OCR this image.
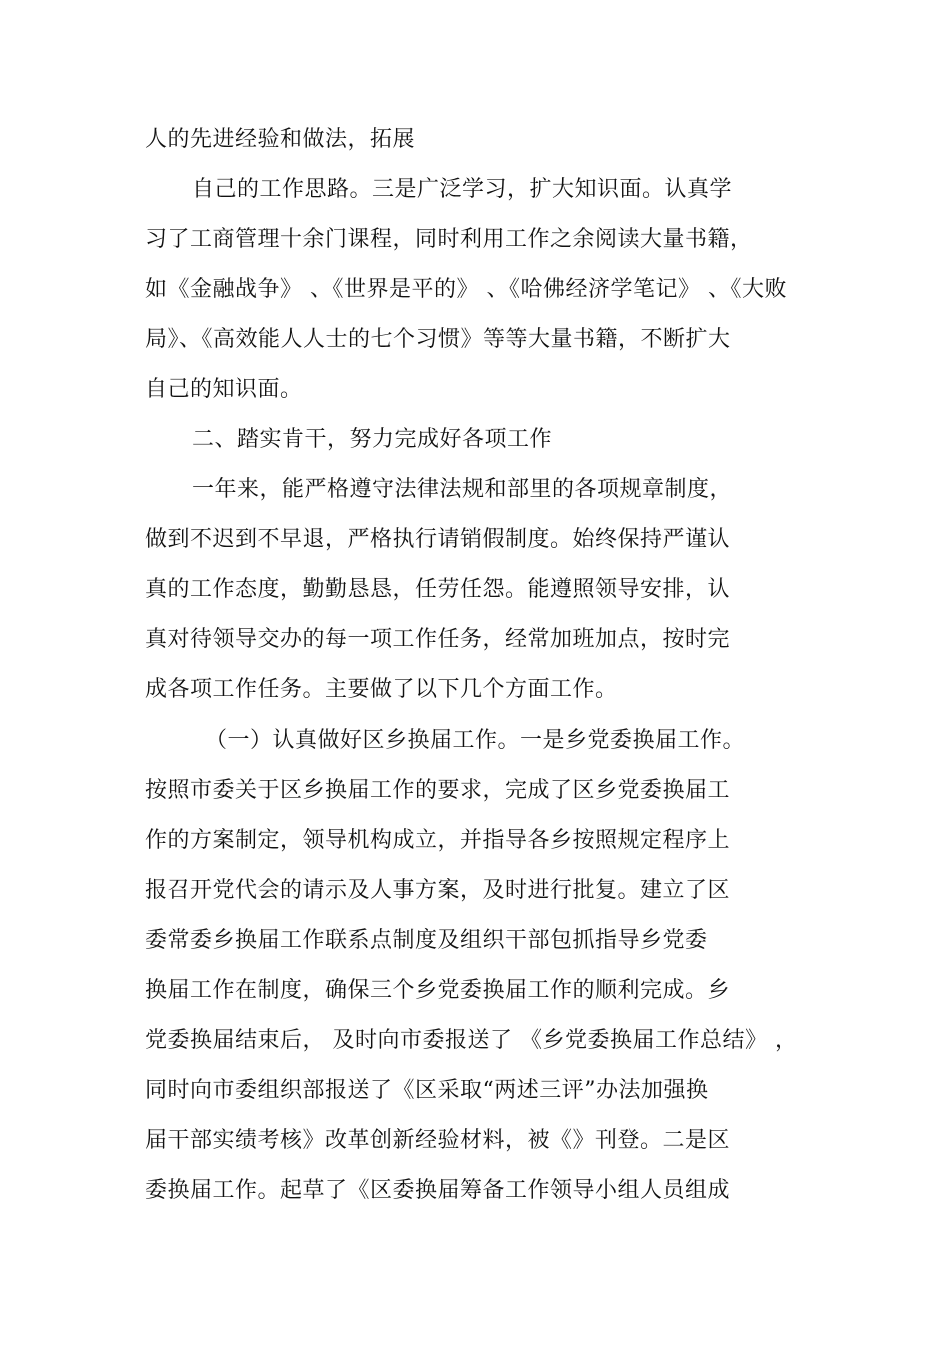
人的先进经验和做法，拓展
自己的工作思路。三是广泛学习，扩大知识面。认真学
习了工商管理十余门课程，同时利用工作之余阅读大量书籍，
如《金融战争》 、《世界是平的》 、《哈佛经济学笔记》 、《大败
局》、《高效能人人士的七个习惯》等等大量书籍，不断扩大
自己的知识面。
二、踏实肯干，努力完成好各项工作
一年来，能严格遵守法律法规和部里的各项规章制度，
做到不迟到不早退，严格执行请销假制度。始终保持严谨认
真的工作态度，勤勤恳恳，任劳任怨。能遵照领导安排，认
真对待领导交办的每一项工作任务，经常加班加点，按时完
成各项工作任务。主要做了以下几个方面工作。
（一）认真做好区乡换届工作。一是乡党委换届工作。
按照市委关于区乡换届工作的要求，完成了区乡党委换届工
作的方案制定，领导机构成立，并指导各乡按照规定程序上
报召开党代会的请示及人事方案，及时进行批复。建立了区
委常委乡换届工作联系点制度及组织干部包抓指导乡党委
换届工作在制度，确保三个乡党委换届工作的顺利完成。乡
党委换届结束后， 及时向市委报送了 《乡党委换届工作总结》 ，
同时向市委组织部报送了《区采取“两述三评”办法加强换
届干部实绩考核》改革创新经验材料，被《》刊登。二是区
委换届工作。起草了《区委换届筹备工作领导小组人员组成
